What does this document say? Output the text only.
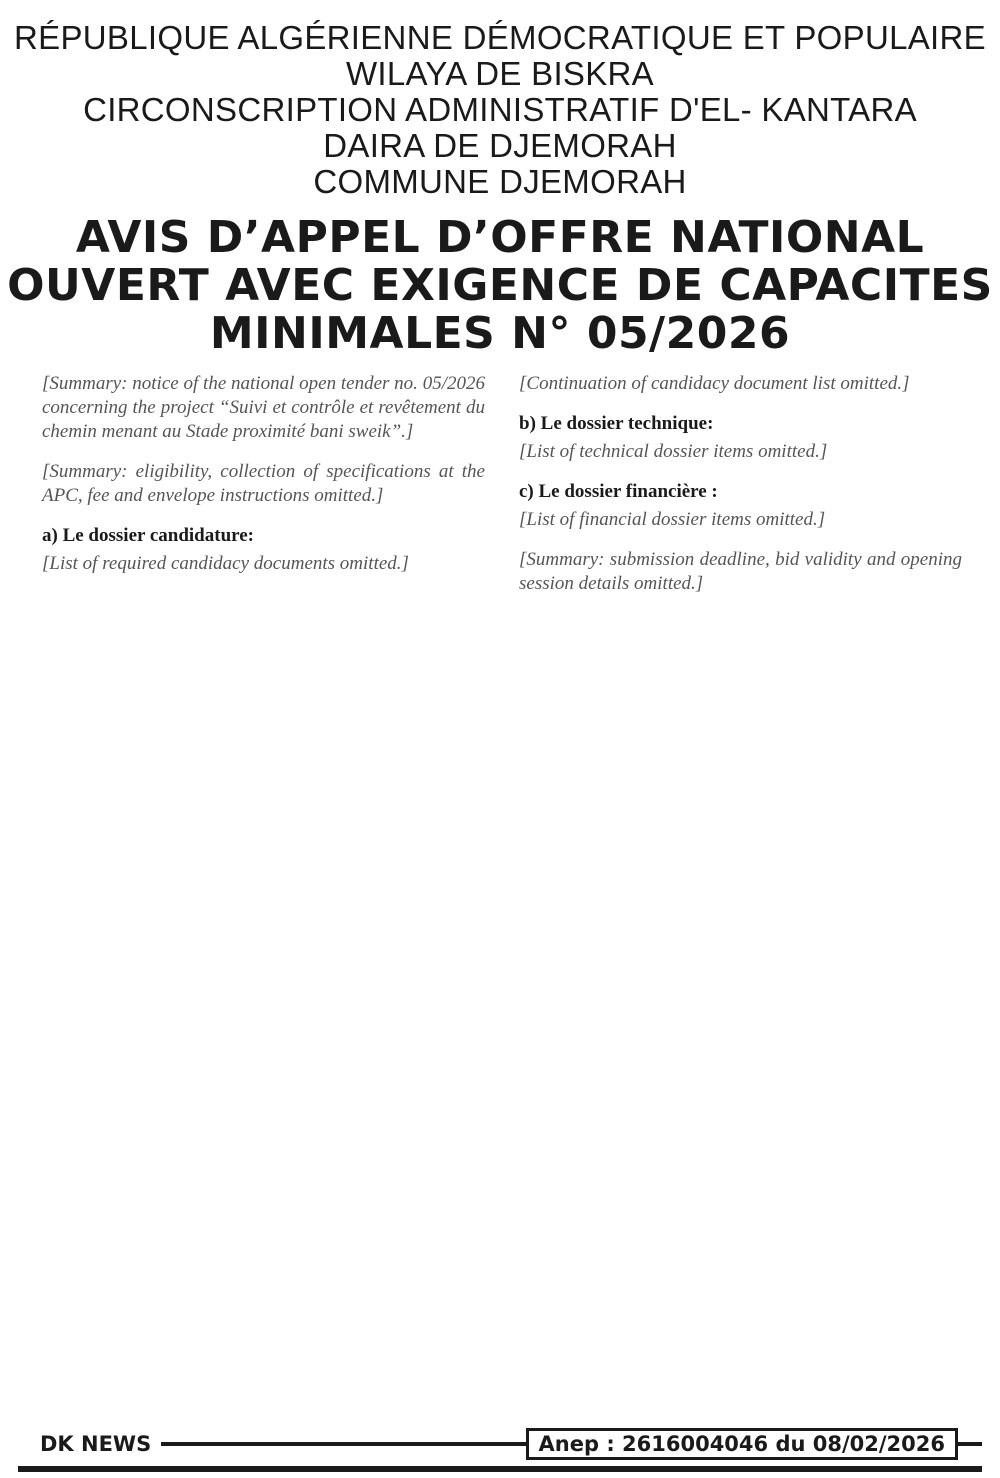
RÉPUBLIQUE ALGÉRIENNE DÉMOCRATIQUE ET POPULAIRE
WILAYA DE BISKRA
CIRCONSCRIPTION ADMINISTRATIF D'EL- KANTARA
DAIRA DE DJEMORAH
COMMUNE DJEMORAH
AVIS D’APPEL D’OFFRE NATIONAL
OUVERT AVEC EXIGENCE DE CAPACITES
MINIMALES N° 05/2026

[Summary: notice of the national open tender no. 05/2026 concerning the project “Suivi et contrôle et revêtement du chemin menant au Stade proximité bani sweik”.]

[Summary: eligibility, collection of specifications at the APC, fee and envelope instructions omitted.]

a) Le dossier candidature:

[List of required candidacy documents omitted.]

[Continuation of candidacy document list omitted.]

b) Le dossier technique:

[List of technical dossier items omitted.]

c) Le dossier financière :

[List of financial dossier items omitted.]

[Summary: submission deadline, bid validity and opening session details omitted.]

DK NEWS	Anep : 2616004046 du 08/02/2026
